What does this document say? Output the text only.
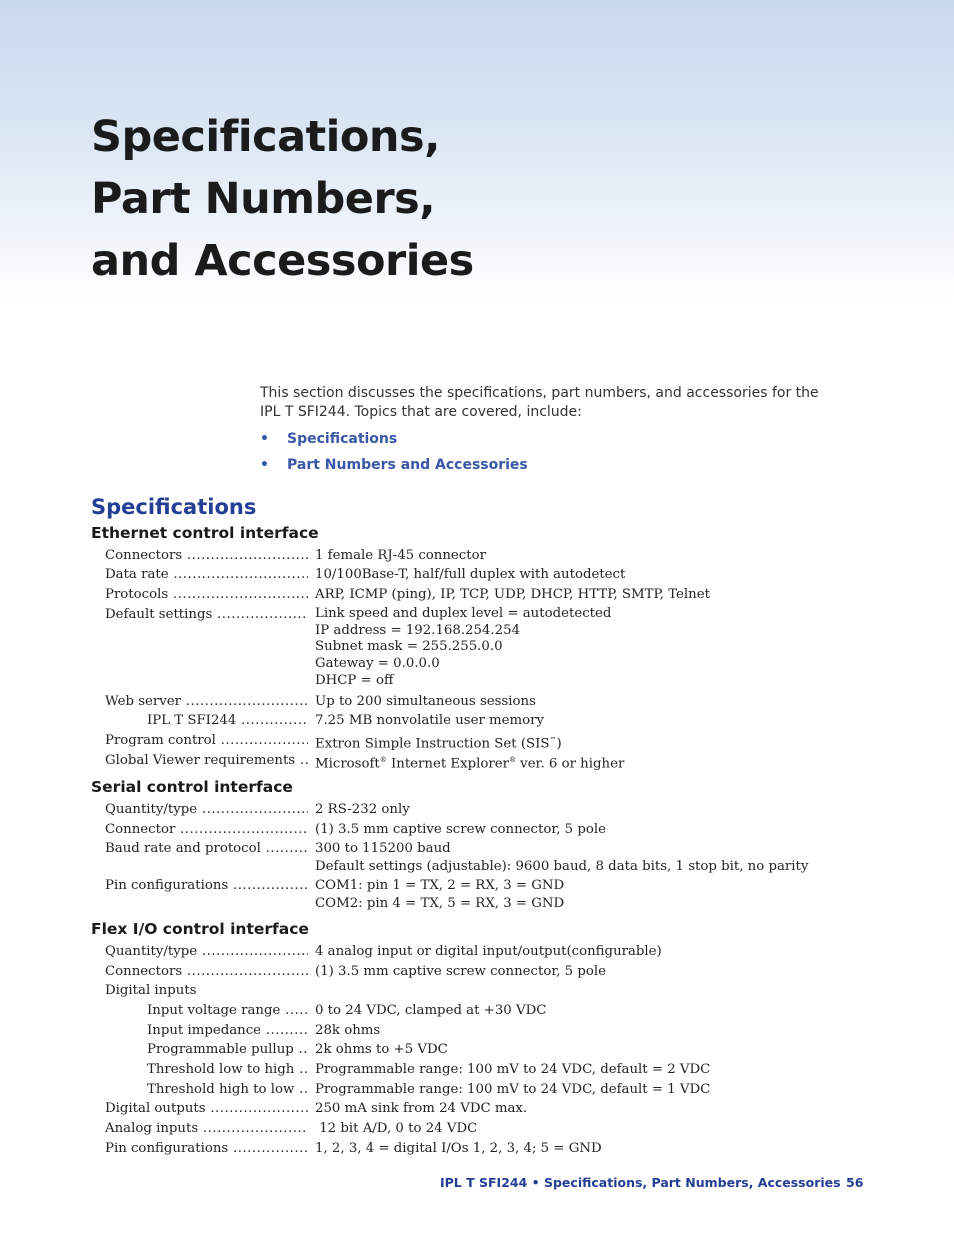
Specifications,
Part Numbers,
and Accessories
This section discusses the specifications, part numbers, and accessories for the IPL T SFI244. Topics that are covered, include:
• Specifications
• Part Numbers and Accessories
Specifications
Ethernet control interface
Serial control interface
Flex I/O control interface
Connectors .....	1 female RJ-45 connector
Data rate .....	10/100Base-T, half/full duplex with autodetect
Protocols .....	ARP, ICMP (ping), IP, TCP, UDP, DHCP, HTTP, SMTP, Telnet
Default settings .....	Link speed and duplex level = autodetected
IP address = 192.168.254.254
Subnet mask = 255.255.0.0
Gateway = 0.0.0.0
DHCP = off
Web server .....	Up to 200 simultaneous sessions
IPL T SFI244 .....	7.25 MB nonvolatile user memory
Program control .....	Extron Simple Instruction Set (SIS™)
Global Viewer requirements .....	Microsoft® Internet Explorer® ver. 6 or higher
Quantity/type .....	2 RS-232 only
Connector .....	(1) 3.5 mm captive screw connector, 5 pole
Baud rate and protocol .....	300 to 115200 baud
Default settings (adjustable): 9600 baud, 8 data bits, 1 stop bit, no parity
Pin configurations .....	COM1: pin 1 = TX, 2 = RX, 3 = GND
COM2: pin 4 = TX, 5 = RX, 3 = GND
Quantity/type .....	4 analog input or digital input/output(configurable)
Connectors .....	(1) 3.5 mm captive screw connector, 5 pole
Digital inputs
Input voltage range .....	0 to 24 VDC, clamped at +30 VDC
Input impedance .....	28k ohms
Programmable pullup .....	2k ohms to +5 VDC
Threshold low to high .....	Programmable range: 100 mV to 24 VDC, default = 2 VDC
Threshold high to low .....	Programmable range: 100 mV to 24 VDC, default = 1 VDC
Digital outputs .....	250 mA sink from 24 VDC max.
Analog inputs .....	12 bit A/D, 0 to 24 VDC
Pin configurations .....	1, 2, 3, 4 = digital I/Os 1, 2, 3, 4; 5 = GND
IPL T SFI244 • Specifications, Part Numbers, Accessories 56
